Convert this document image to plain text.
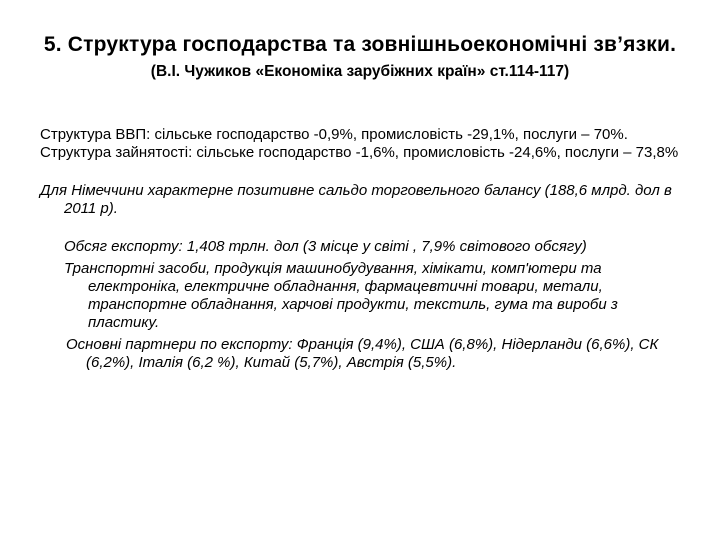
5. Структура господарства та зовнішньоекономічні зв’язки.

(В.І. Чужиков «Економіка зарубіжних країн» ст.114-117)

Структура ВВП: сільське господарство -0,9%, промисловість -29,1%, послуги – 70%.

Структура зайнятості: сільське господарство -1,6%, промисловість -24,6%, послуги – 73,8%

Для Німеччини характерне позитивне сальдо торговельного балансу (188,6 млрд. дол в 2011 р).

Обсяг експорту: 1,408 трлн. дол (3 місце у світі , 7,9% світового обсягу)

Транспортні засоби, продукція машинобудування, хімікати, комп'ютери та електроніка, електричне обладнання, фармацевтичні товари, метали, транспортне обладнання, харчові продукти, текстиль, гума та вироби з пластику.

Основні партнери по експорту: Франція (9,4%), США (6,8%), Нідерланди (6,6%), СК (6,2%), Італія (6,2 %), Китай (5,7%), Австрія (5,5%).
